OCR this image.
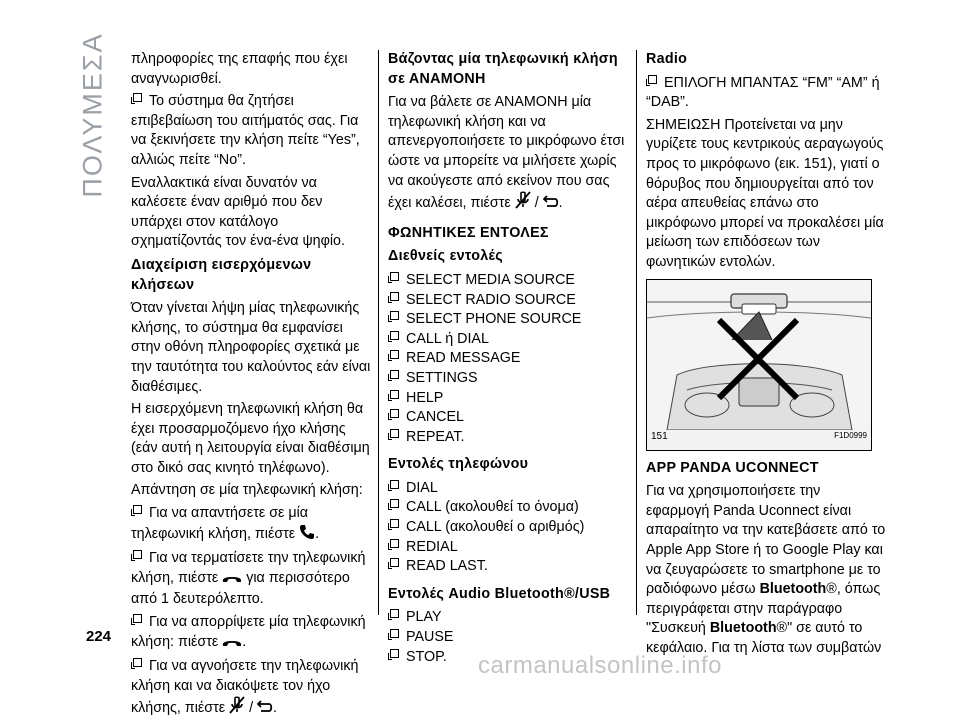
ΠΟΛΥΜΕΣΑ πληροφορίες της επαφής που έχει αναγνωρισθεί.

Το σύστημα θα ζητήσει επιβεβαίωση του αιτήματός σας. Για να ξεκινήσετε την κλήση πείτε “Yes”, αλλιώς πείτε “No”.

Εναλλακτικά είναι δυνατόν να καλέσετε έναν αριθμό που δεν υπάρχει στον κατάλογο σχηματίζοντάς τον ένα-ένα ψηφίο.

Διαχείριση εισερχόμενων κλήσεων

Όταν γίνεται λήψη μίας τηλεφωνικής κλήσης, το σύστημα θα εμφανίσει στην οθόνη πληροφορίες σχετικά με την ταυτότητα του καλούντος εάν είναι διαθέσιμες.

Η εισερχόμενη τηλεφωνική κλήση θα έχει προσαρμοζόμενο ήχο κλήσης (εάν αυτή η λειτουργία είναι διαθέσιμη στο δικό σας κινητό τηλέφωνο).

Απάντηση σε μία τηλεφωνική κλήση:

Για να απαντήσετε σε μία τηλεφωνική κλήση, πιέστε .

Για να τερματίσετε την τηλεφωνική κλήση, πιέστε για περισσότερο από 1 δευτερόλεπτο.

Για να απορρίψετε μία τηλεφωνική κλήση: πιέστε .

Για να αγνοήσετε την τηλεφωνική κλήση και να διακόψετε τον ήχο κλήσης, πιέστε  / .

Βάζοντας μία τηλεφωνική κλήση σε ΑΝΑΜΟΝΗ

Για να βάλετε σε ΑΝΑΜΟΝΗ μία τηλεφωνική κλήση και να απενεργοποιήσετε το μικρόφωνο έτσι ώστε να μπορείτε να μιλήσετε χωρίς να ακούγεστε από εκείνον που σας έχει καλέσει, πιέστε  / .

ΦΩΝΗΤΙΚΕΣ ΕΝΤΟΛΕΣ
Διεθνείς εντολές
SELECT MEDIA SOURCE
SELECT RADIO SOURCE
SELECT PHONE SOURCE
CALL ή DIAL
READ MESSAGE
SETTINGS
HELP
CANCEL
REPEAT.
Εντολές τηλεφώνου
DIAL
CALL (ακολουθεί το όνομα)
CALL (ακολουθεί ο αριθμός)
REDIAL
READ LAST.
Εντολές Audio Bluetooth®/USB
PLAY
PAUSE
STOP.
Radio

ΕΠΙΛΟΓΗ ΜΠΑΝΤΑΣ “FM” “AM” ή “DAB”.

ΣΗΜΕΙΩΣΗ Προτείνεται να μην γυρίζετε τους κεντρικούς αεραγωγούς προς το μικρόφωνο (εικ. 151), γιατί ο θόρυβος που δημιουργείται από τον αέρα απευθείας επάνω στο μικρόφωνο μπορεί να προκαλέσει μία μείωση των επιδόσεων των φωνητικών εντολών.

151	F1D0999
APP PANDA UCONNECT

Για να χρησιμοποιήσετε την εφαρμογή Panda Uconnect είναι απαραίτητο να την κατεβάσετε από το Apple App Store ή το Google Play και να ζευγαρώσετε το smartphone με το ραδιόφωνο μέσω Bluetooth®, όπως περιγράφεται στην παράγραφο "Συσκευή Bluetooth®" σε αυτό το κεφάλαιο. Για τη λίστα των συμβατών

224
carmanualsonline.info
